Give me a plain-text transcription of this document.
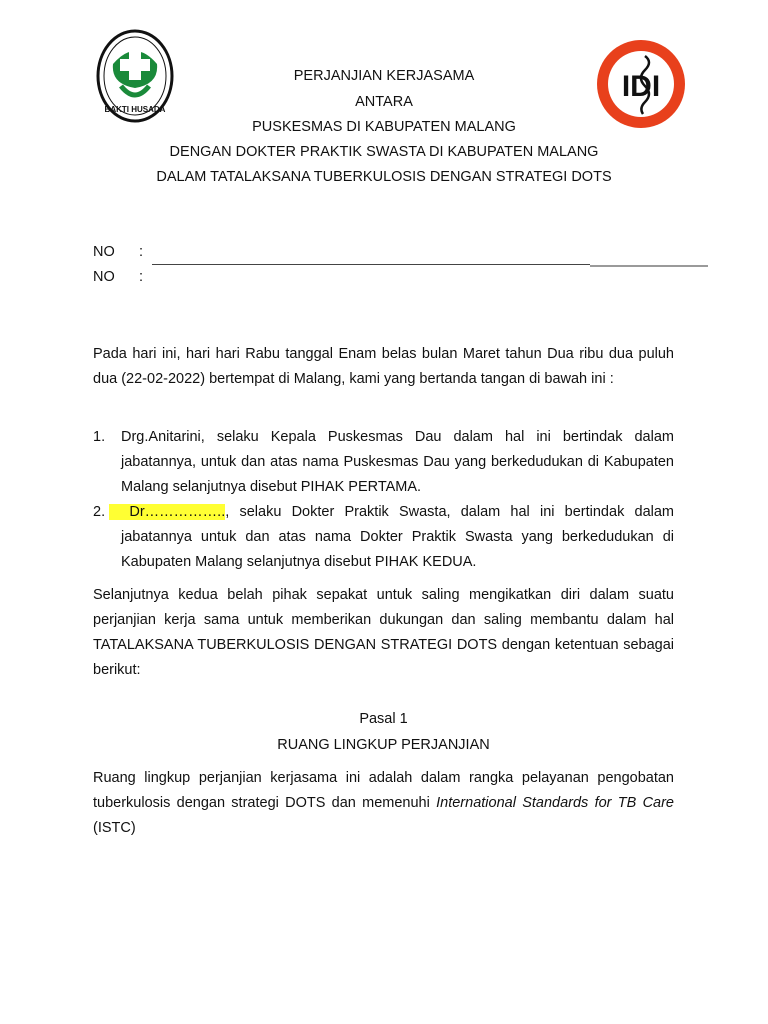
BAKTI HUSADA
IDI
PERJANJIAN KERJASAMA
ANTARA
PUSKESMAS DI KABUPATEN MALANG
DENGAN DOKTER PRAKTIK SWASTA DI KABUPATEN MALANG
DALAM TATALAKSANA TUBERKULOSIS DENGAN STRATEGI DOTS
NO :
NO :
Pada hari ini, hari hari Rabu tanggal Enam belas bulan Maret tahun Dua ribu dua puluh dua (22-02-2022) bertempat di Malang, kami yang bertanda tangan di bawah ini :
1. Drg.Anitarini, selaku Kepala Puskesmas Dau dalam hal ini bertindak dalam jabatannya, untuk dan atas nama Puskesmas Dau yang berkedudukan di Kabupaten Malang selanjutnya disebut PIHAK PERTAMA.
2. Dr…………….., selaku Dokter Praktik Swasta, dalam hal ini bertindak dalam jabatannya untuk dan atas nama Dokter Praktik Swasta yang berkedudukan di Kabupaten Malang selanjutnya disebut PIHAK KEDUA.
Selanjutnya kedua belah pihak sepakat untuk saling mengikatkan diri dalam suatu perjanjian kerja sama untuk memberikan dukungan dan saling membantu dalam hal TATALAKSANA TUBERKULOSIS DENGAN STRATEGI DOTS dengan ketentuan sebagai berikut:
Pasal 1
RUANG LINGKUP PERJANJIAN
Ruang lingkup perjanjian kerjasama ini adalah dalam rangka pelayanan pengobatan tuberkulosis dengan strategi DOTS dan memenuhi International Standards for TB Care (ISTC)
